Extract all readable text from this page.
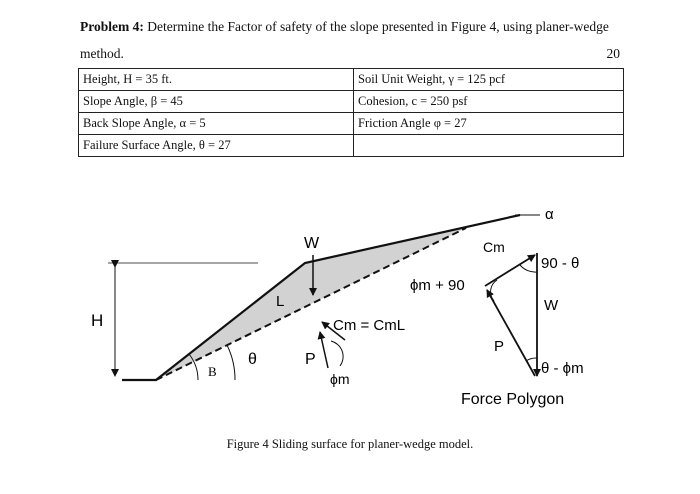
Problem 4: Determine the Factor of safety of the slope presented in Figure 4, using planer-wedge method.	20
Height, H = 35 ft.	Soil Unit Weight, γ = 125 pcf
Slope Angle, β = 45	Cohesion, c = 250 psf
Back Slope Angle, α = 5	Friction Angle φ = 27
Failure Surface Angle, θ = 27	
H
B
θ
W
L
Cm = CmL
P
ϕm
α
Cm
90 - θ
ϕm + 90
W
P
θ - ϕm
Force Polygon
Figure 4 Sliding surface for planer-wedge model.
